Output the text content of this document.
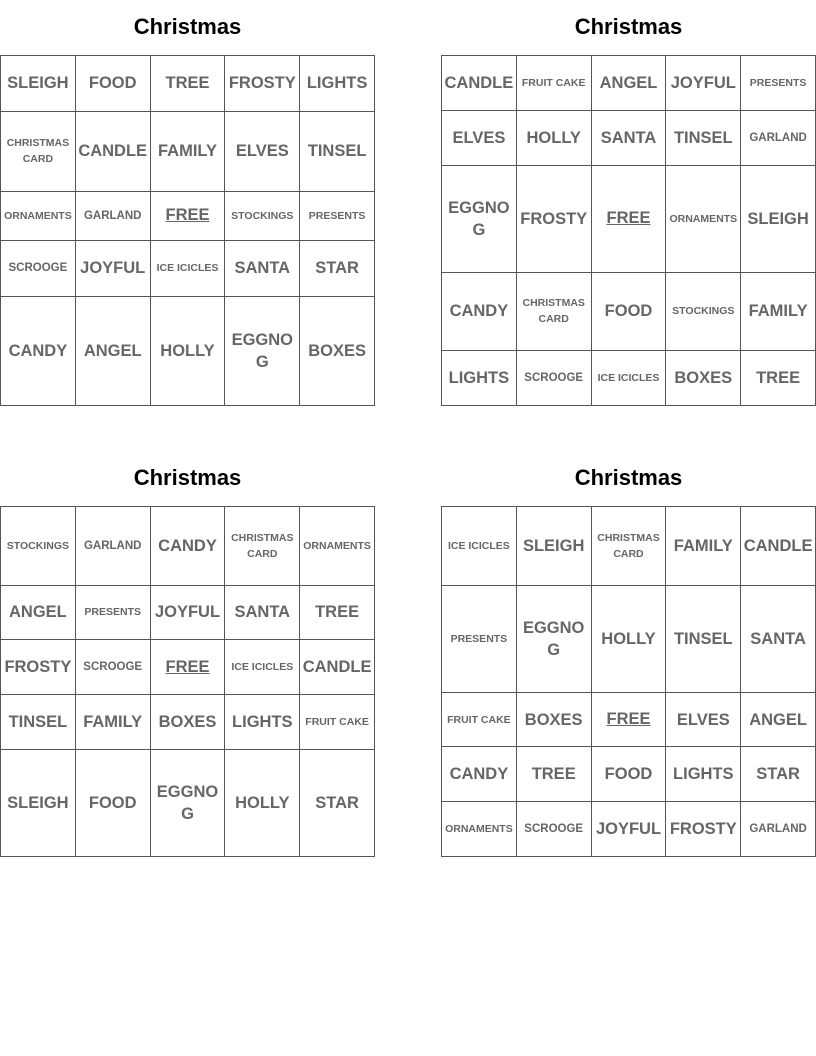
Christmas
SLEIGH	FOOD	TREE	FROSTY	LIGHTS
CHRISTMAS CARD	CANDLE	FAMILY	ELVES	TINSEL
ORNAMENTS	GARLAND	FREE	STOCKINGS	PRESENTS
SCROOGE	JOYFUL	ICE ICICLES	SANTA	STAR
CANDY	ANGEL	HOLLY	EGGNOG	BOXES
Christmas
CANDLE	FRUIT CAKE	ANGEL	JOYFUL	PRESENTS
ELVES	HOLLY	SANTA	TINSEL	GARLAND
EGGNOG	FROSTY	FREE	ORNAMENTS	SLEIGH
CANDY	CHRISTMAS CARD	FOOD	STOCKINGS	FAMILY
LIGHTS	SCROOGE	ICE ICICLES	BOXES	TREE
Christmas
STOCKINGS	GARLAND	CANDY	CHRISTMAS CARD	ORNAMENTS
ANGEL	PRESENTS	JOYFUL	SANTA	TREE
FROSTY	SCROOGE	FREE	ICE ICICLES	CANDLE
TINSEL	FAMILY	BOXES	LIGHTS	FRUIT CAKE
SLEIGH	FOOD	EGGNOG	HOLLY	STAR
Christmas
ICE ICICLES	SLEIGH	CHRISTMAS CARD	FAMILY	CANDLE
PRESENTS	EGGNOG	HOLLY	TINSEL	SANTA
FRUIT CAKE	BOXES	FREE	ELVES	ANGEL
CANDY	TREE	FOOD	LIGHTS	STAR
ORNAMENTS	SCROOGE	JOYFUL	FROSTY	GARLAND
